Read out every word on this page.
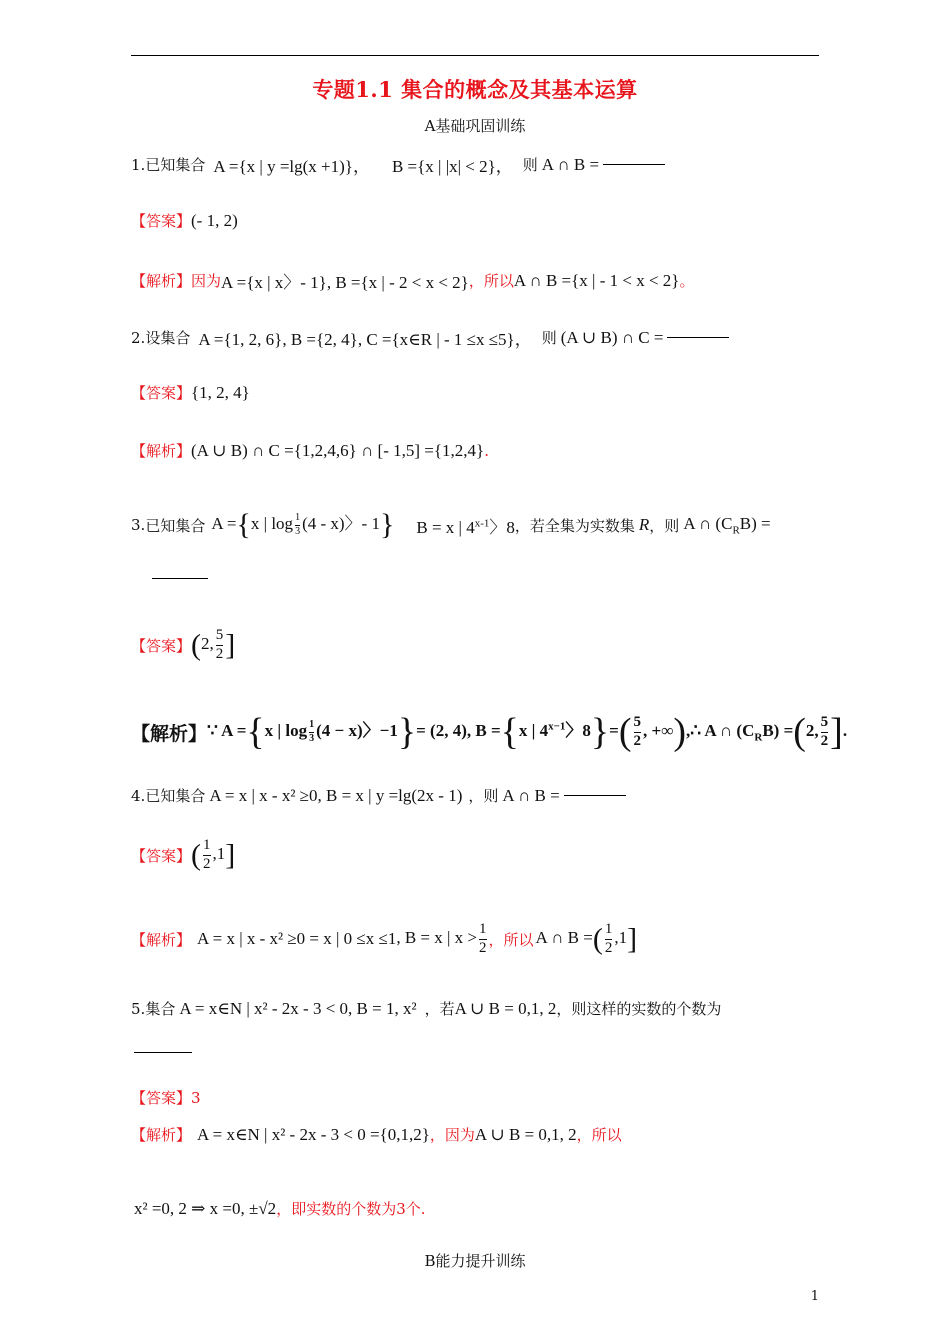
专题1.1 集合的概念及其基本运算
A基础巩固训练
1. 已知集合 A ={x | y =lg(x +1)}， B ={x | |x| < 2}， 则 A ∩ B =
【答案】 (- 1, 2)
【解析】 因为 A ={x | x〉- 1}, B ={x | - 2 < x < 2} ，所以 A ∩ B ={x | - 1 < x < 2} 。
2. 设集合 A ={1, 2, 6}, B ={2, 4}, C ={x∈R | - 1 ≤x ≤5}， 则 (A ∪ B) ∩ C =
【答案】 {1, 2, 4}
【解析】 (A ∪ B) ∩ C ={1,2,4,6} ∩ [- 1,5] ={1,2,4} .
3. 已知集合 A ={x | $\log \frac{1}{3} (4 - x)$〉- 1} B = x | 4$^{x-1}$〉8 ，若全集为实数集 R ，则 A ∩ $(C_RB)$ =
【答案】 (2, $\frac{5}{2}$ ]
【解析】 ∵ A ={x | $\log \frac{1}{3} (4 - x)$〉−1}= (2, 4), B ={x | $4^{x-1}$〉$8\}=( \frac{5}{2}$ , +∞),∴ A ∩ $(C_RB) =(2$, $\frac{5}{2}$ ].
4. 已知集合 A = x | x - x² ≥0 , B = x | y =lg(2x - 1) ，则 A ∩ B =
【答案】 ( $\frac{1}{2} ,1$]
【解析】 A = x | x - x² ≥0 = x | 0 ≤x ≤1 , B = x | $x > \frac{1}{2}$ ，所以 A ∩ B =( $\frac{1}{2} ,1$]
5. 集合 A = x∈N | x² - 2x - 3 < 0 , B = 1, x² ，若 A ∪ B = 0,1, 2 ，则这样的实数的个数为
【答案】 3
【解析】 A = x∈N | x² - 2x - 3 < 0 ={0,1,2} ，因为 A ∪ B = 0,1, 2 ，所以
x² =0, 2 ⇒ x =0, ±√2 ，即实数的个数为3个.
B能力提升训练
1
